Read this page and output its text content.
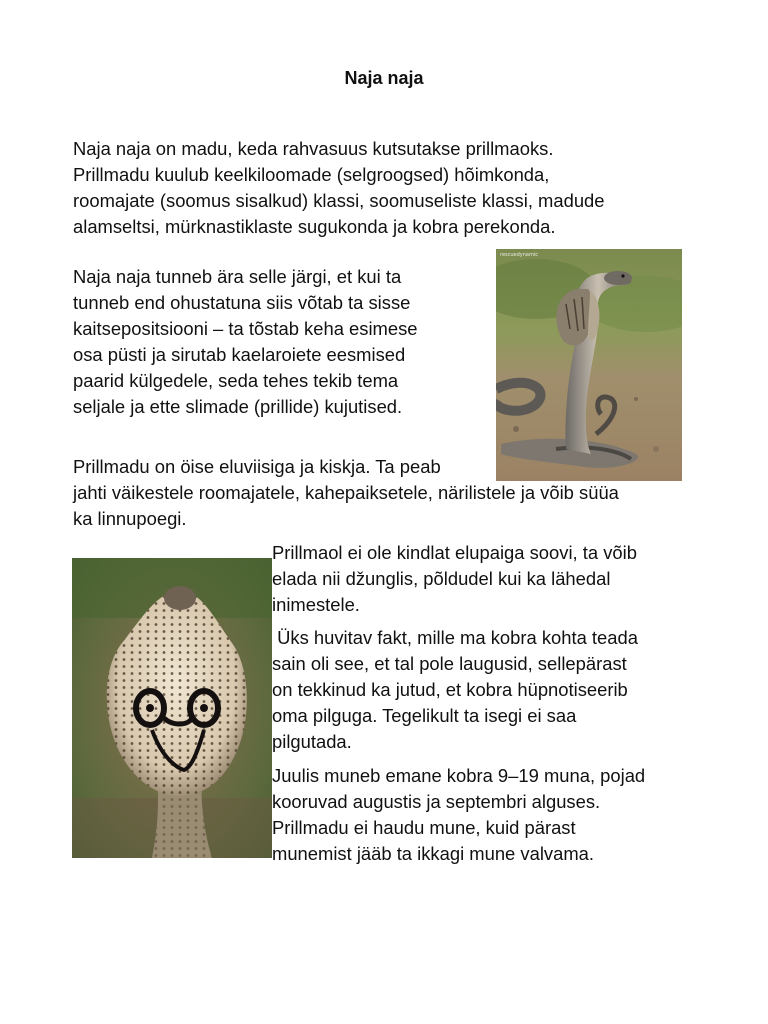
Naja naja

Naja naja on madu, keda rahvasuus kutsutakse prillmaoks.
Prillmadu kuulub keelkiloomade (selgroogsed) hõimkonda,
roomajate (soomus sisalkud) klassi, soomuseliste klassi, madude
alamseltsi, mürknastiklaste sugukonda ja kobra perekonda.

Naja naja tunneb ära selle järgi, et kui ta
tunneb end ohustatuna siis võtab ta sisse
kaitsepositsiooni – ta tõstab keha esimese
osa püsti ja sirutab kaelaroiete eesmised
paarid külgedele, seda tehes tekib tema
seljale ja ette slimade (prillide) kujutised.

rescuedynamic

Prillmadu on öise eluviisiga ja kiskja. Ta peab
jahti väikestele roomajatele, kahepaiksetele, närilistele ja võib süüa
ka linnupoegi.

Prillmaol ei ole kindlat elupaiga soovi, ta võib
elada nii džunglis, põldudel kui ka lähedal
inimestele.

Üks huvitav fakt, mille ma kobra kohta teada
sain oli see, et tal pole laugusid, sellepärast
on tekkinud ka jutud, et kobra hüpnotiseerib
oma pilguga. Tegelikult ta isegi ei saa
pilgutada.

Juulis muneb emane kobra 9–19 muna, pojad
kooruvad augustis ja septembri alguses.
Prillmadu ei haudu mune, kuid pärast
munemist jääb ta ikkagi mune valvama.
